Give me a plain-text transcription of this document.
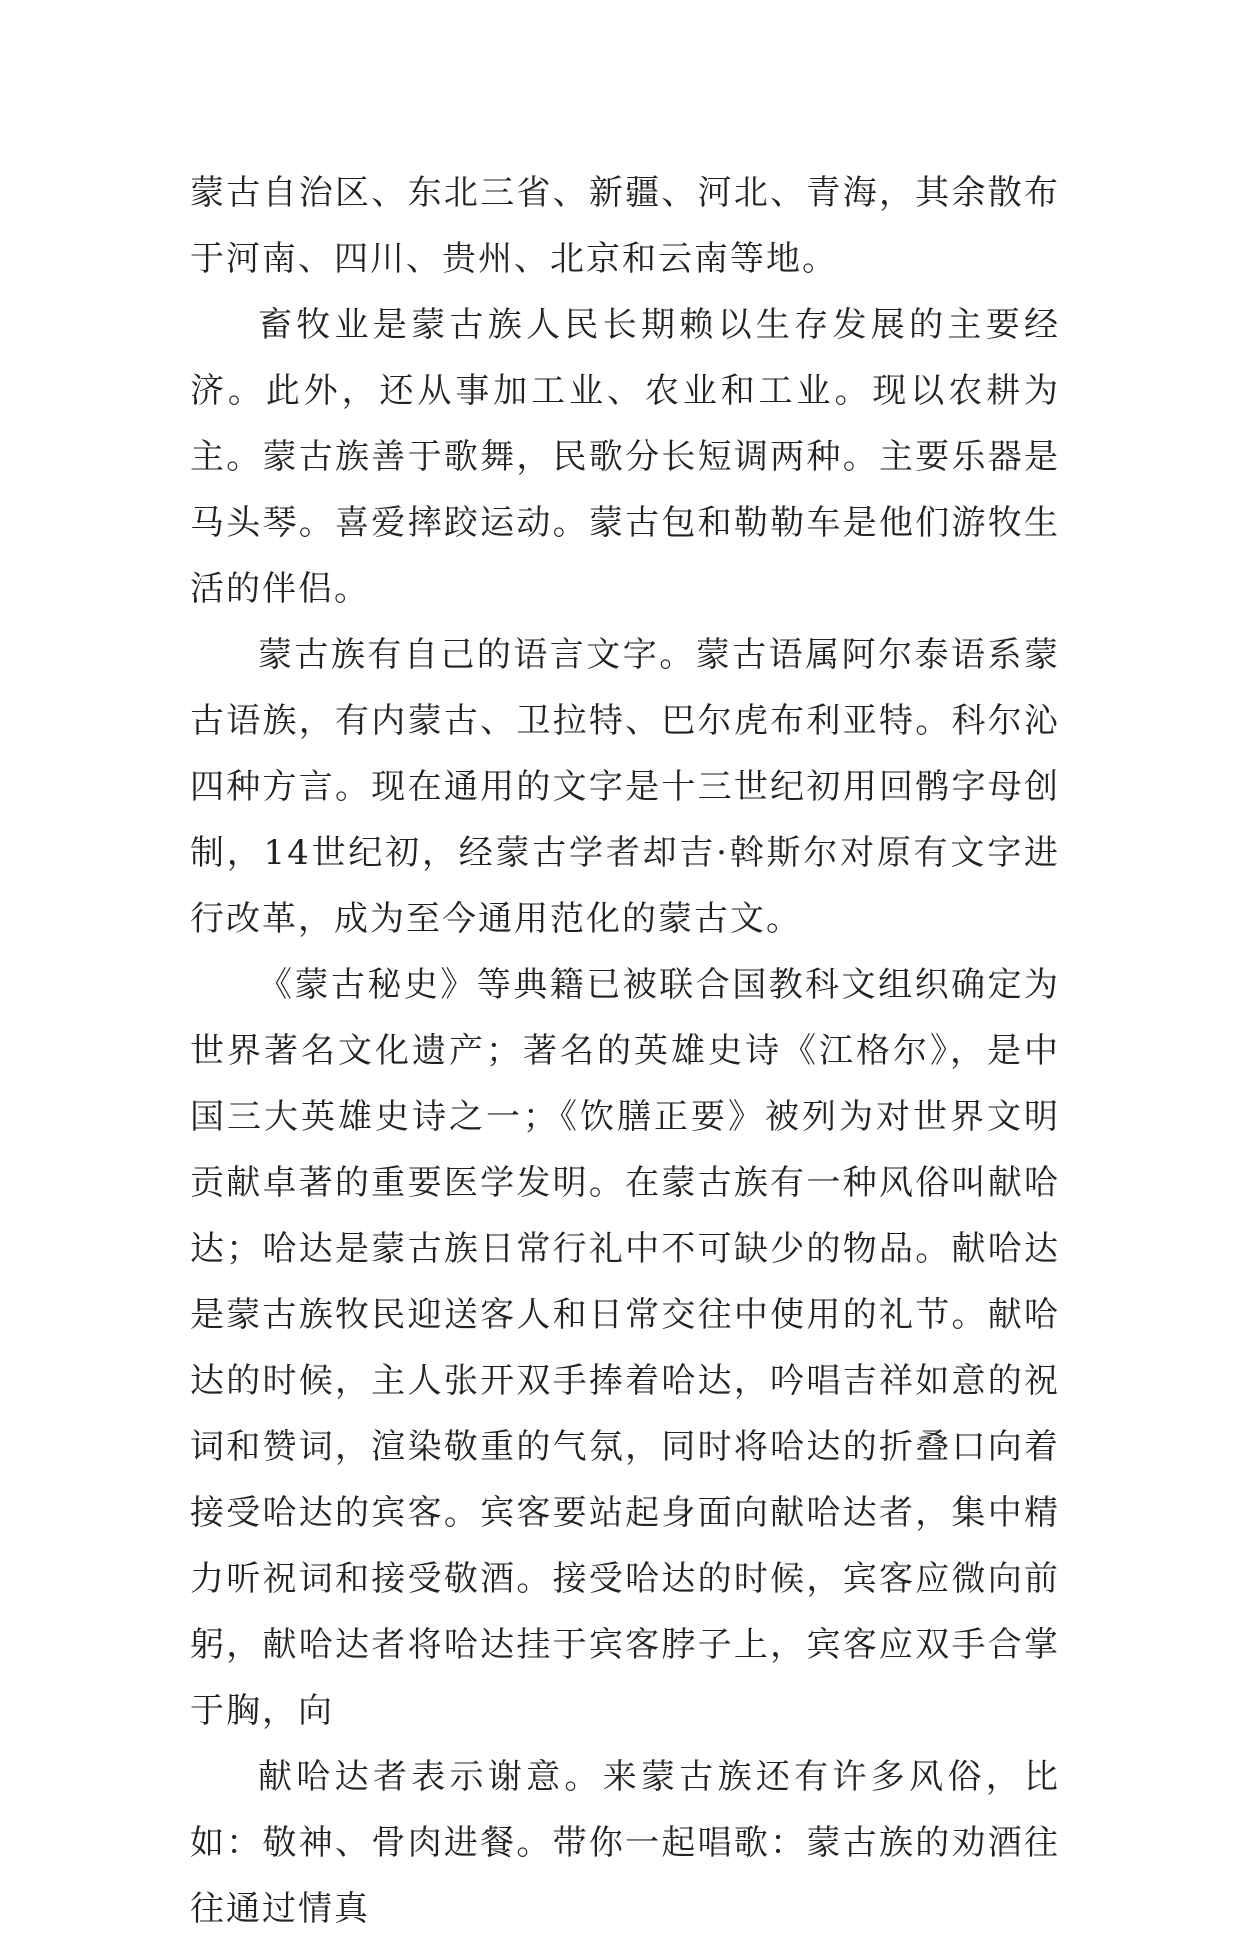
蒙古自治区、东北三省、新疆、河北、青海，其余散布于河南、四川、贵州、北京和云南等地。

畜牧业是蒙古族人民长期赖以生存发展的主要经济。此外，还从事加工业、农业和工业。现以农耕为主。蒙古族善于歌舞，民歌分长短调两种。主要乐器是马头琴。喜爱摔跤运动。蒙古包和勒勒车是他们游牧生活的伴侣。

蒙古族有自己的语言文字。蒙古语属阿尔泰语系蒙古语族，有内蒙古、卫拉特、巴尔虎布利亚特。科尔沁四种方言。现在通用的文字是十三世纪初用回鹘字母创制，14世纪初，经蒙古学者却吉·斡斯尔对原有文字进行改革，成为至今通用范化的蒙古文。

《蒙古秘史》等典籍已被联合国教科文组织确定为世界著名文化遗产；著名的英雄史诗《江格尔》，是中国三大英雄史诗之一；《饮膳正要》被列为对世界文明贡献卓著的重要医学发明。在蒙古族有一种风俗叫献哈达；哈达是蒙古族日常行礼中不可缺少的物品。献哈达是蒙古族牧民迎送客人和日常交往中使用的礼节。献哈达的时候，主人张开双手捧着哈达，吟唱吉祥如意的祝词和赞词，渲染敬重的气氛，同时将哈达的折叠口向着接受哈达的宾客。宾客要站起身面向献哈达者，集中精力听祝词和接受敬酒。接受哈达的时候，宾客应微向前躬，献哈达者将哈达挂于宾客脖子上，宾客应双手合掌于胸，向

献哈达者表示谢意。来蒙古族还有许多风俗，比如：敬神、骨肉进餐。带你一起唱歌：蒙古族的劝酒往往通过情真
